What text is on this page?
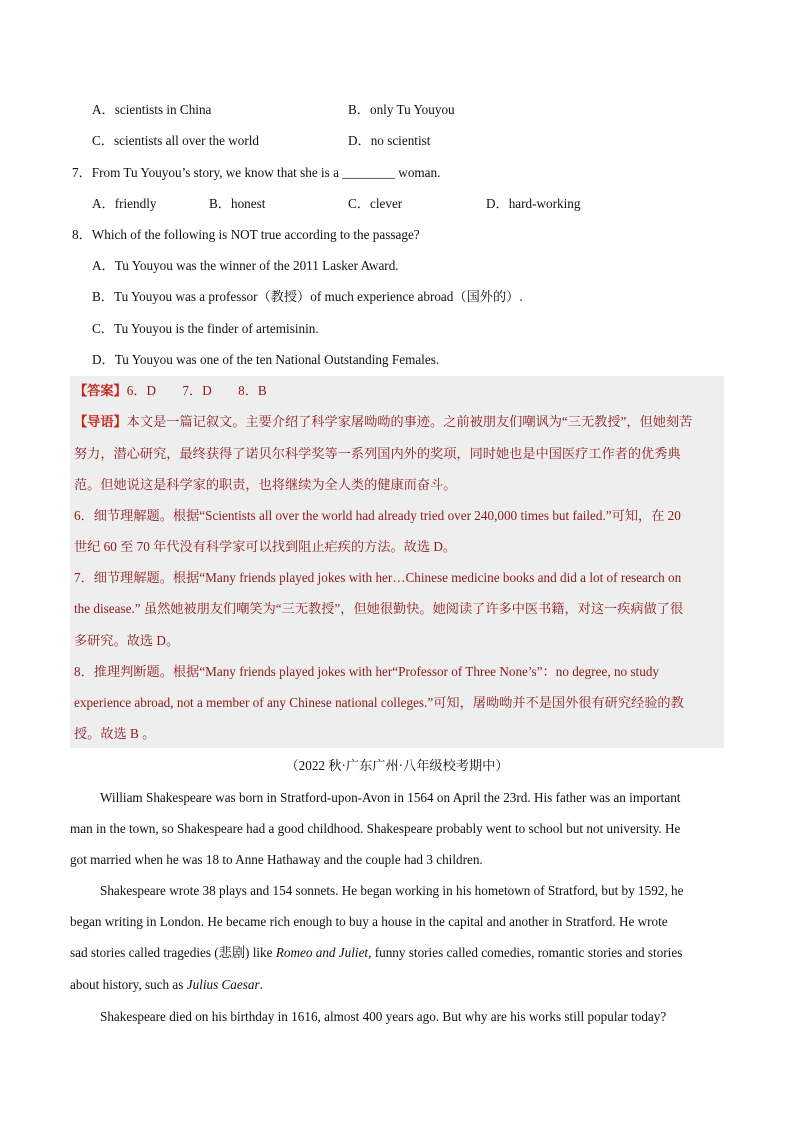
A．scientists in China	B．only Tu Youyou
C．scientists all over the world	D．no scientist
7．From Tu Youyou’s story, we know that she is a ________ woman.
A．friendly	B．honest	C．clever	D．hard-working
8．Which of the following is NOT true according to the passage?
A．Tu Youyou was the winner of the 2011 Lasker Award.
B．Tu Youyou was a professor（教授）of much experience abroad（国外的）.
C．Tu Youyou is the finder of artemisinin.
D．Tu Youyou was one of the ten National Outstanding Females.
【答案】6．D        7．D        8．B
【导语】本文是一篇记叙文。主要介绍了科学家屠呦呦的事迹。之前被朋友们嘲讽为“三无教授”，但她刻苦
努力，潜心研究，最终获得了诺贝尔科学奖等一系列国内外的奖项，同时她也是中国医疗工作者的优秀典
范。但她说这是科学家的职责，也将继续为全人类的健康而奋斗。
6．细节理解题。根据“Scientists all over the world had already tried over 240,000 times but failed.”可知，在 20
世纪 60 至 70 年代没有科学家可以找到阻止疟疾的方法。故选 D。
7．细节理解题。根据“Many friends played jokes with her…Chinese medicine books and did a lot of research on
the disease.” 虽然她被朋友们嘲笑为“三无教授”，但她很勤快。她阅读了许多中医书籍，对这一疾病做了很
多研究。故选 D。
8．推理判断题。根据“Many friends played jokes with her“Professor of Three None’s”：no degree, no study
experience abroad, not a member of any Chinese national colleges.”可知，屠呦呦并不是国外很有研究经验的教
授。故选 B 。
（2022 秋·广东广州·八年级校考期中）
William Shakespeare was born in Stratford-upon-Avon in 1564 on April the 23rd. His father was an important
man in the town, so Shakespeare had a good childhood. Shakespeare probably went to school but not university. He
got married when he was 18 to Anne Hathaway and the couple had 3 children.
Shakespeare wrote 38 plays and 154 sonnets. He began working in his hometown of Stratford, but by 1592, he
began writing in London. He became rich enough to buy a house in the capital and another in Stratford. He wrote
sad stories called tragedies (悲剧) like Romeo and Juliet, funny stories called comedies, romantic stories and stories
about history, such as Julius Caesar.
Shakespeare died on his birthday in 1616, almost 400 years ago. But why are his works still popular today?
